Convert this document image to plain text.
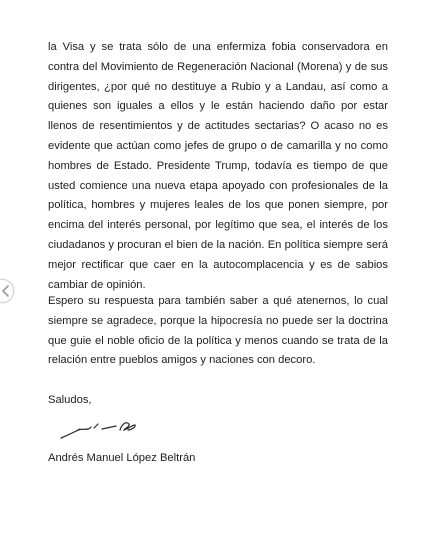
la Visa y se trata sólo de una enfermiza fobia conservadora en contra del Movimiento de Regeneración Nacional (Morena) y de sus dirigentes, ¿por qué no destituye a Rubio y a Landau, así como a quienes son iguales a ellos y le están haciendo daño por estar llenos de resentimientos y de actitudes sectarias? O acaso no es evidente que actúan como jefes de grupo o de camarilla y no como hombres de Estado. Presidente Trump, todavía es tiempo de que usted comience una nueva etapa apoyado con profesionales de la política, hombres y mujeres leales de los que ponen siempre, por encima del interés personal, por legítimo que sea, el interés de los ciudadanos y procuran el bien de la nación. En política siempre será mejor rectificar que caer en la autocomplacencia y es de sabios cambiar de opinión.

Espero su respuesta para también saber a qué atenernos, lo cual siempre se agradece, porque la hipocresía no puede ser la doctrina que guie el noble oficio de la política y menos cuando se trata de la relación entre pueblos amigos y naciones con decoro.

Saludos,
Andrés Manuel López Beltrán
